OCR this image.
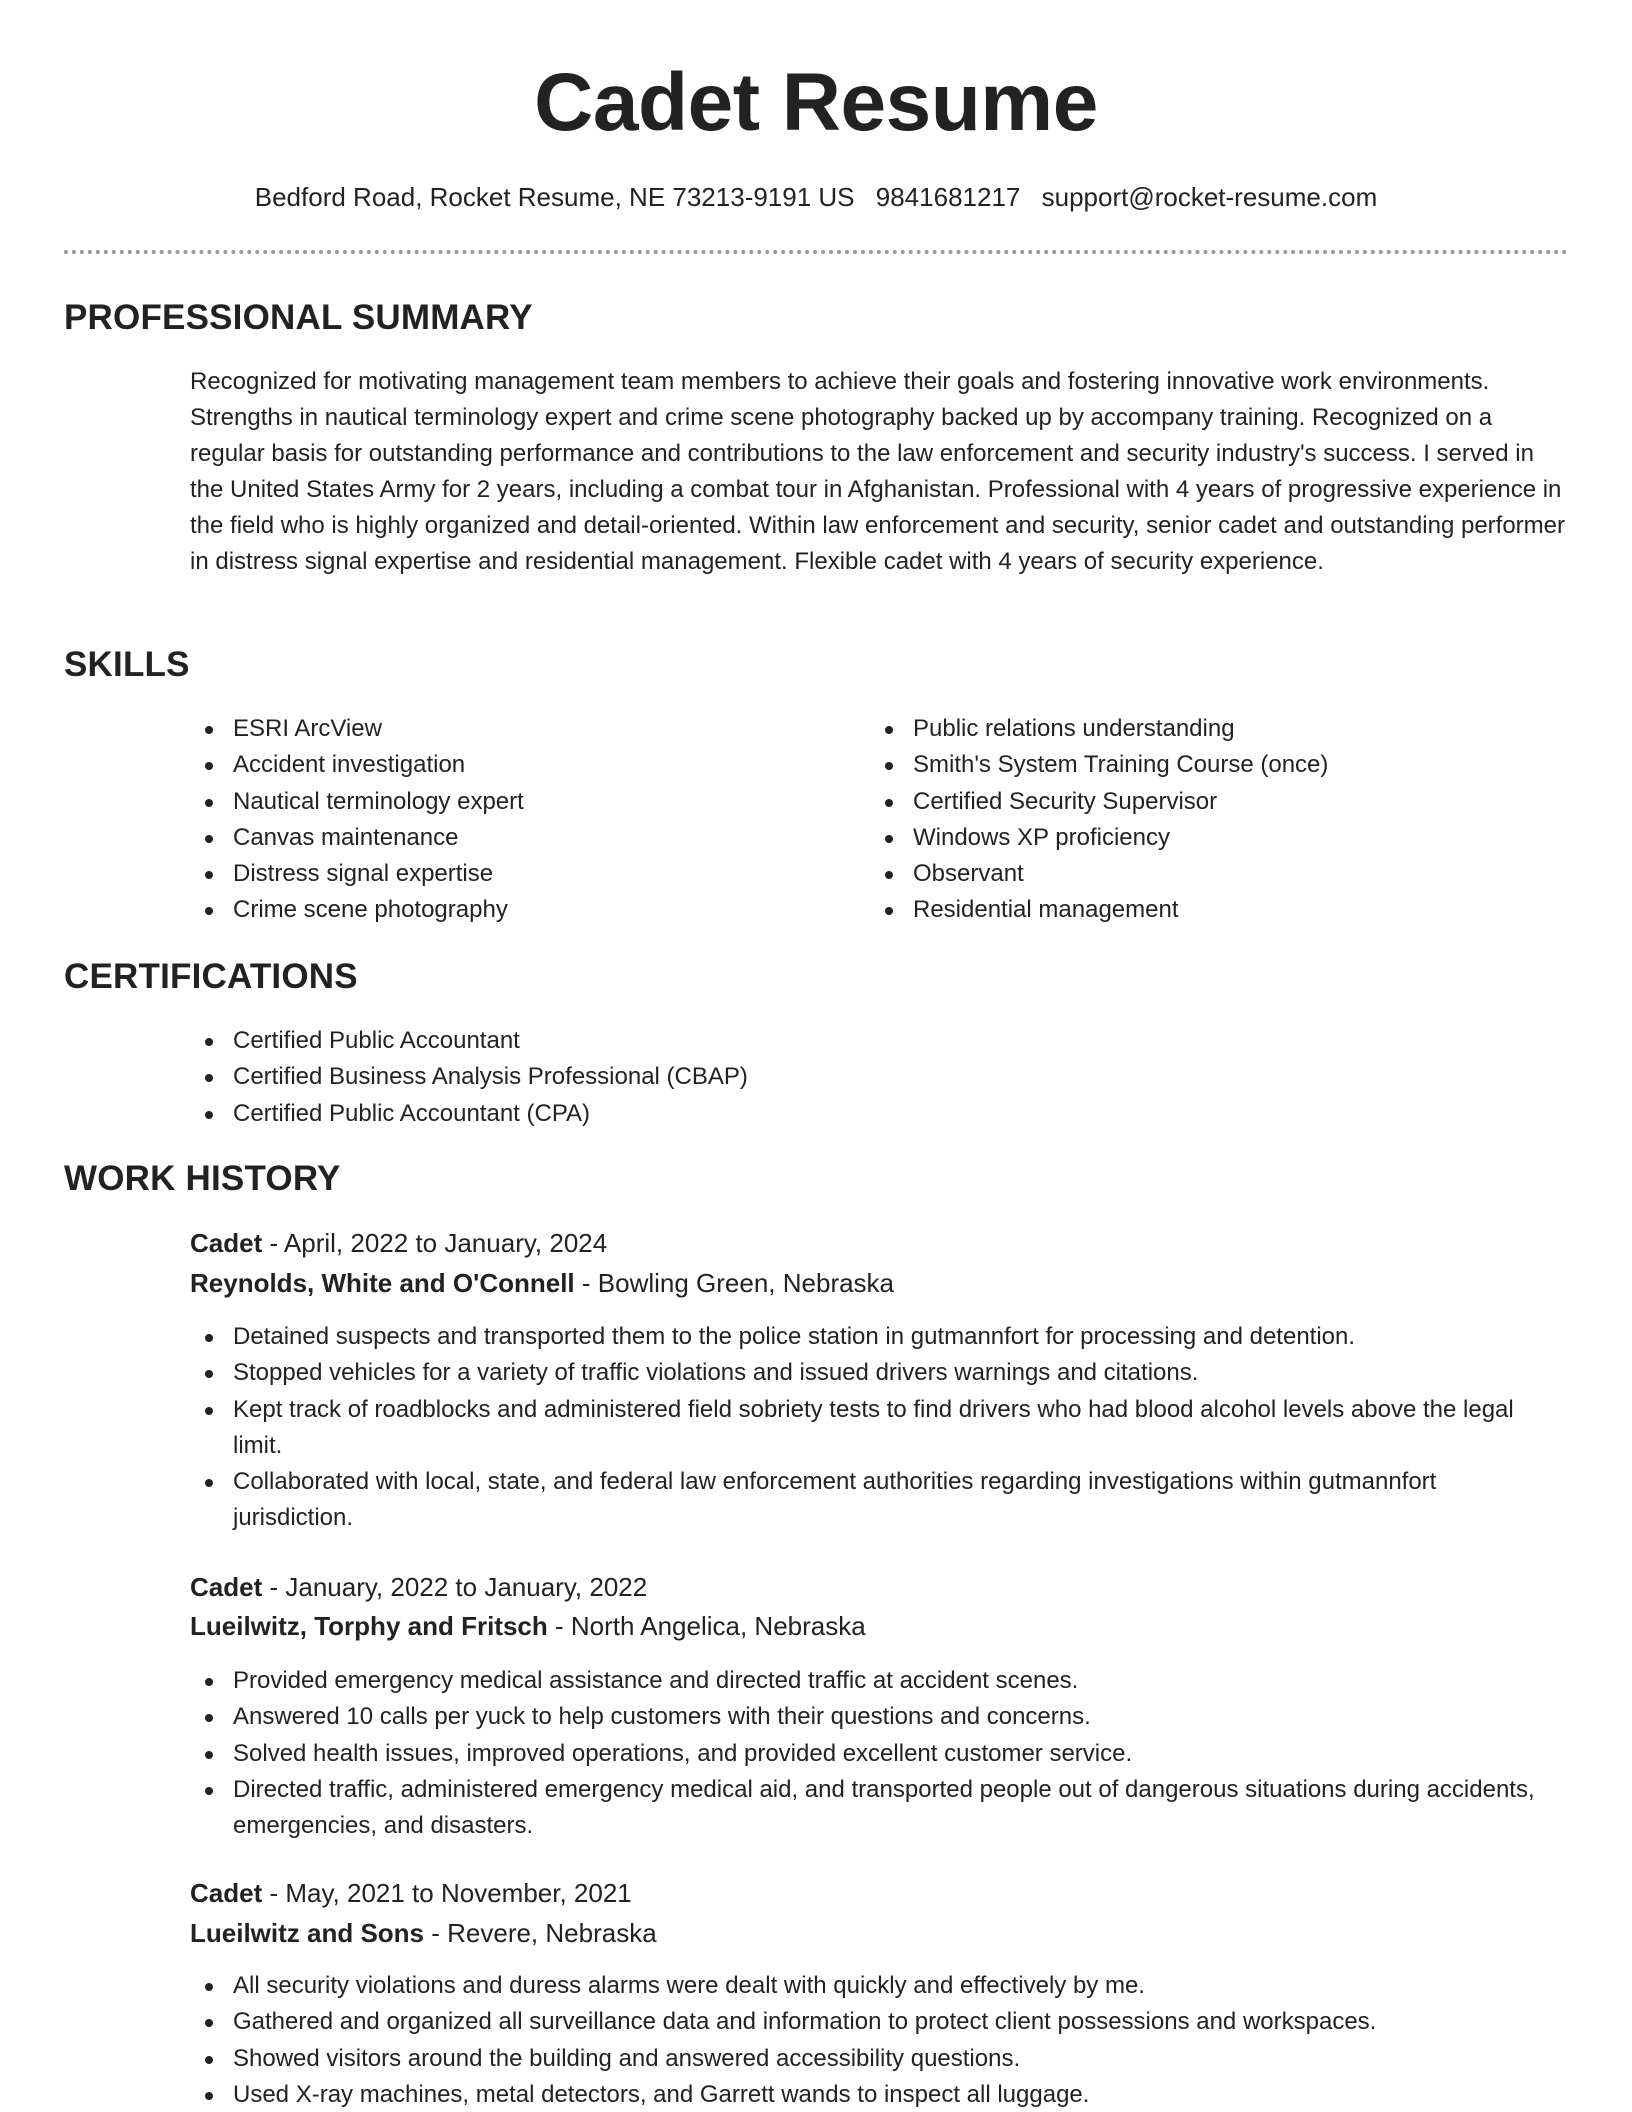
Cadet Resume
Bedford Road, Rocket Resume, NE 73213-9191 US 9841681217 support@rocket-resume.com
PROFESSIONAL SUMMARY

Recognized for motivating management team members to achieve their goals and fostering innovative work environments. Strengths in nautical terminology expert and crime scene photography backed up by accompany training. Recognized on a regular basis for outstanding performance and contributions to the law enforcement and security industry's success. I served in the United States Army for 2 years, including a combat tour in Afghanistan. Professional with 4 years of progressive experience in the field who is highly organized and detail-oriented. Within law enforcement and security, senior cadet and outstanding performer in distress signal expertise and residential management. Flexible cadet with 4 years of security experience.

SKILLS
ESRI ArcView
Accident investigation
Nautical terminology expert
Canvas maintenance
Distress signal expertise
Crime scene photography
Public relations understanding
Smith's System Training Course (once)
Certified Security Supervisor
Windows XP proficiency
Observant
Residential management
CERTIFICATIONS
Certified Public Accountant
Certified Business Analysis Professional (CBAP)
Certified Public Accountant (CPA)
WORK HISTORY
Cadet - April, 2022 to January, 2024
Reynolds, White and O'Connell - Bowling Green, Nebraska
Detained suspects and transported them to the police station in gutmannfort for processing and detention.
Stopped vehicles for a variety of traffic violations and issued drivers warnings and citations.
Kept track of roadblocks and administered field sobriety tests to find drivers who had blood alcohol levels above the legal limit.
Collaborated with local, state, and federal law enforcement authorities regarding investigations within gutmannfort jurisdiction.
Cadet - January, 2022 to January, 2022
Lueilwitz, Torphy and Fritsch - North Angelica, Nebraska
Provided emergency medical assistance and directed traffic at accident scenes.
Answered 10 calls per yuck to help customers with their questions and concerns.
Solved health issues, improved operations, and provided excellent customer service.
Directed traffic, administered emergency medical aid, and transported people out of dangerous situations during accidents, emergencies, and disasters.
Cadet - May, 2021 to November, 2021
Lueilwitz and Sons - Revere, Nebraska
All security violations and duress alarms were dealt with quickly and effectively by me.
Gathered and organized all surveillance data and information to protect client possessions and workspaces.
Showed visitors around the building and answered accessibility questions.
Used X-ray machines, metal detectors, and Garrett wands to inspect all luggage.
